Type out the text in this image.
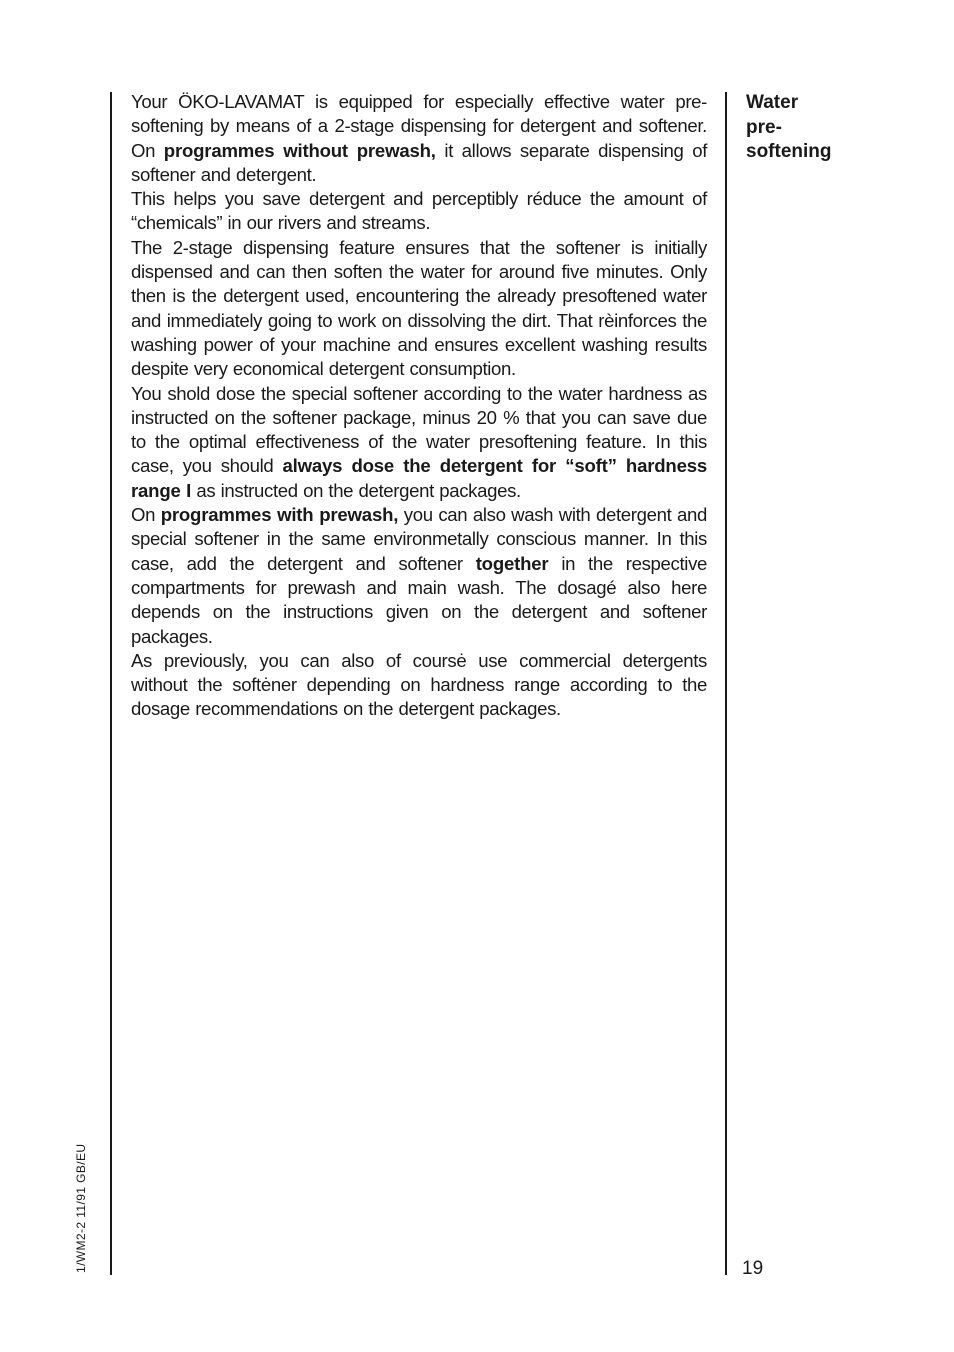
Your ÖKO-LAVAMAT is equipped for especially effective water pre-softening by means of a 2-stage dispensing for detergent and softener. On programmes without prewash, it allows separate dispensing of softener and detergent.

This helps you save detergent and perceptibly réduce the amount of “chemicals” in our rivers and streams.

The 2-stage dispensing feature ensures that the softener is initially dispensed and can then soften the water for around five minutes. Only then is the detergent used, encountering the already presoftened water and immediately going to work on dissolving the dirt. That rèinforces the washing power of your machine and ensures excellent washing results despite very economical detergent consumption.

You shold dose the special softener according to the water hardness as instructed on the softener package, minus 20 % that you can save due to the optimal effectiveness of the water presoftening feature. In this case, you should always dose the detergent for “soft” hardness range I as instructed on the detergent packages.

On programmes with prewash, you can also wash with detergent and special softener in the same environmetally conscious manner. In this case, add the detergent and softener together in the respective compartments for prewash and main wash. The dosagé also here depends on the instructions given on the detergent and softener packages.

As previously, you can also of coursė use commercial detergents without the softėner depending on hardness range according to the dosage recommendations on the detergent packages.

Water
pre-
softening
1/WM2-2 11/91 GB/EU	19
